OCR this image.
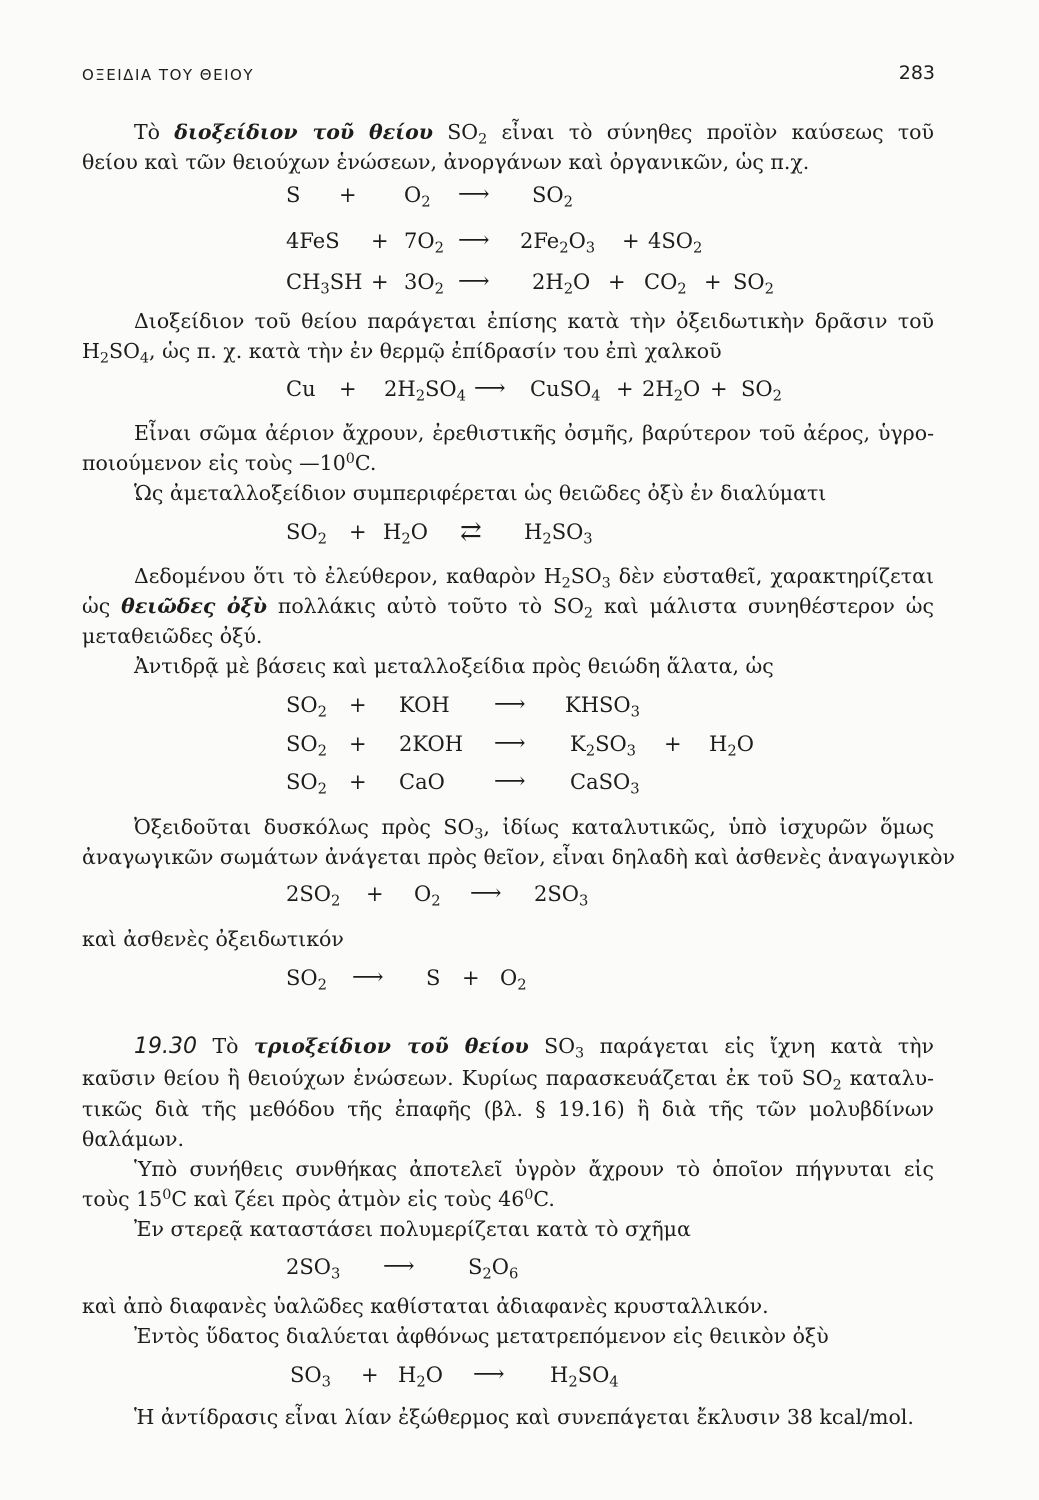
ΟΞΕΙΔΙΑ ΤΟΥ ΘΕΙΟΥ	283
Τὸ διοξείδιον τοῦ θείου $SO_2$ εἶναι τὸ σύνηθες προϊὸν καύσεως τοῦ
θείου καὶ τῶν θειούχων ἑνώσεων, ἀνοργάνων καὶ ὀργανικῶν, ὡς π.χ.
$S + O_2$ ⟶ $SO_2$
$4FeS + 7O_2$ ⟶ $2Fe_2O_3 + 4SO_2$
$CH_3SH + 3O_2$ ⟶ $2H_2O + CO_2 + SO_2$
Διοξείδιον τοῦ θείου παράγεται ἐπίσης κατὰ τὴν ὀξειδωτικὴν δρᾶσιν τοῦ
$H_2SO_4$, ὡς π. χ. κατὰ τὴν ἐν θερμῷ ἐπίδρασίν του ἐπὶ χαλκοῦ
$Cu + 2H_2SO_4$ ⟶ CuSO$_4$ + $2H_2O + SO_2$
Εἶναι σῶμα ἀέριον ἄχρουν, ἐρεθιστικῆς ὀσμῆς, βαρύτερον τοῦ ἀέρος, ὑγρο-
ποιούμενον εἰς τοὺς $—10^0C$.
Ὡς ἀμεταλλοξείδιον συμπεριφέρεται ὡς θειῶδες ὀξὺ ἐν διαλύματι
$SO_2 + H_2O$ ⇄ $H_2SO_3$
Δεδομένου ὅτι τὸ ἐλεύθερον, καθαρὸν $H_2SO_3$ δὲν εὐσταθεῖ, χαρακτηρίζεται
ὡς θειῶδες ὀξὺ πολλάκις αὐτὸ τοῦτο τὸ $SO_2$ καὶ μάλιστα συνηθέστερον ὡς
μεταθειῶδες ὀξύ.
Ἀντιδρᾷ μὲ βάσεις καὶ μεταλλοξείδια πρὸς θειώδη ἅλατα, ὡς
$SO_2$ + KOH ⟶ $KHSO_3$
$SO_2 + 2KOH$ ⟶ $K_2SO_3 + H_2O$
$SO_2$ + CaO ⟶ CaSO$_3$
Ὀξειδοῦται δυσκόλως πρὸς $SO_3$, ἰδίως καταλυτικῶς, ὑπὸ ἰσχυρῶν ὅμως
ἀναγωγικῶν σωμάτων ἀνάγεται πρὸς θεῖον, εἶναι δηλαδὴ καὶ ἀσθενὲς ἀναγωγικὸν
$2SO_2 + O_2$ ⟶ $2SO_3$
καὶ ἀσθενὲς ὀξειδωτικόν
$SO_2$ ⟶ $S + O_2$
19.30 Τὸ τριοξείδιον τοῦ θείου $SO_3$ παράγεται εἰς ἴχνη κατὰ τὴν
καῦσιν θείου ἢ θειούχων ἑνώσεων. Κυρίως παρασκευάζεται ἐκ τοῦ $SO_2$ καταλυ-
τικῶς διὰ τῆς μεθόδου τῆς ἐπαφῆς (βλ. § 19.16) ἢ διὰ τῆς τῶν μολυβδίνων
θαλάμων.
Ὑπὸ συνήθεις συνθήκας ἀποτελεῖ ὑγρὸν ἄχρουν τὸ ὁποῖον πήγνυται εἰς
τοὺς $15^0C$ καὶ ζέει πρὸς ἀτμὸν εἰς τοὺς $46^0C$.
Ἐν στερεᾷ καταστάσει πολυμερίζεται κατὰ τὸ σχῆμα
$2SO_3$ ⟶	$S_2O_6$
καὶ ἀπὸ διαφανὲς ὑαλῶδες καθίσταται ἀδιαφανὲς κρυσταλλικόν.
Ἐντὸς ὕδατος διαλύεται ἀφθόνως μετατρεπόμενον εἰς θειικὸν ὀξὺ
$SO_3 + H_2O$ ⟶ $H_2SO_4$
Ἡ ἀντίδρασις εἶναι λίαν ἐξώθερμος καὶ συνεπάγεται ἔκλυσιν 38 kcal/mol.
